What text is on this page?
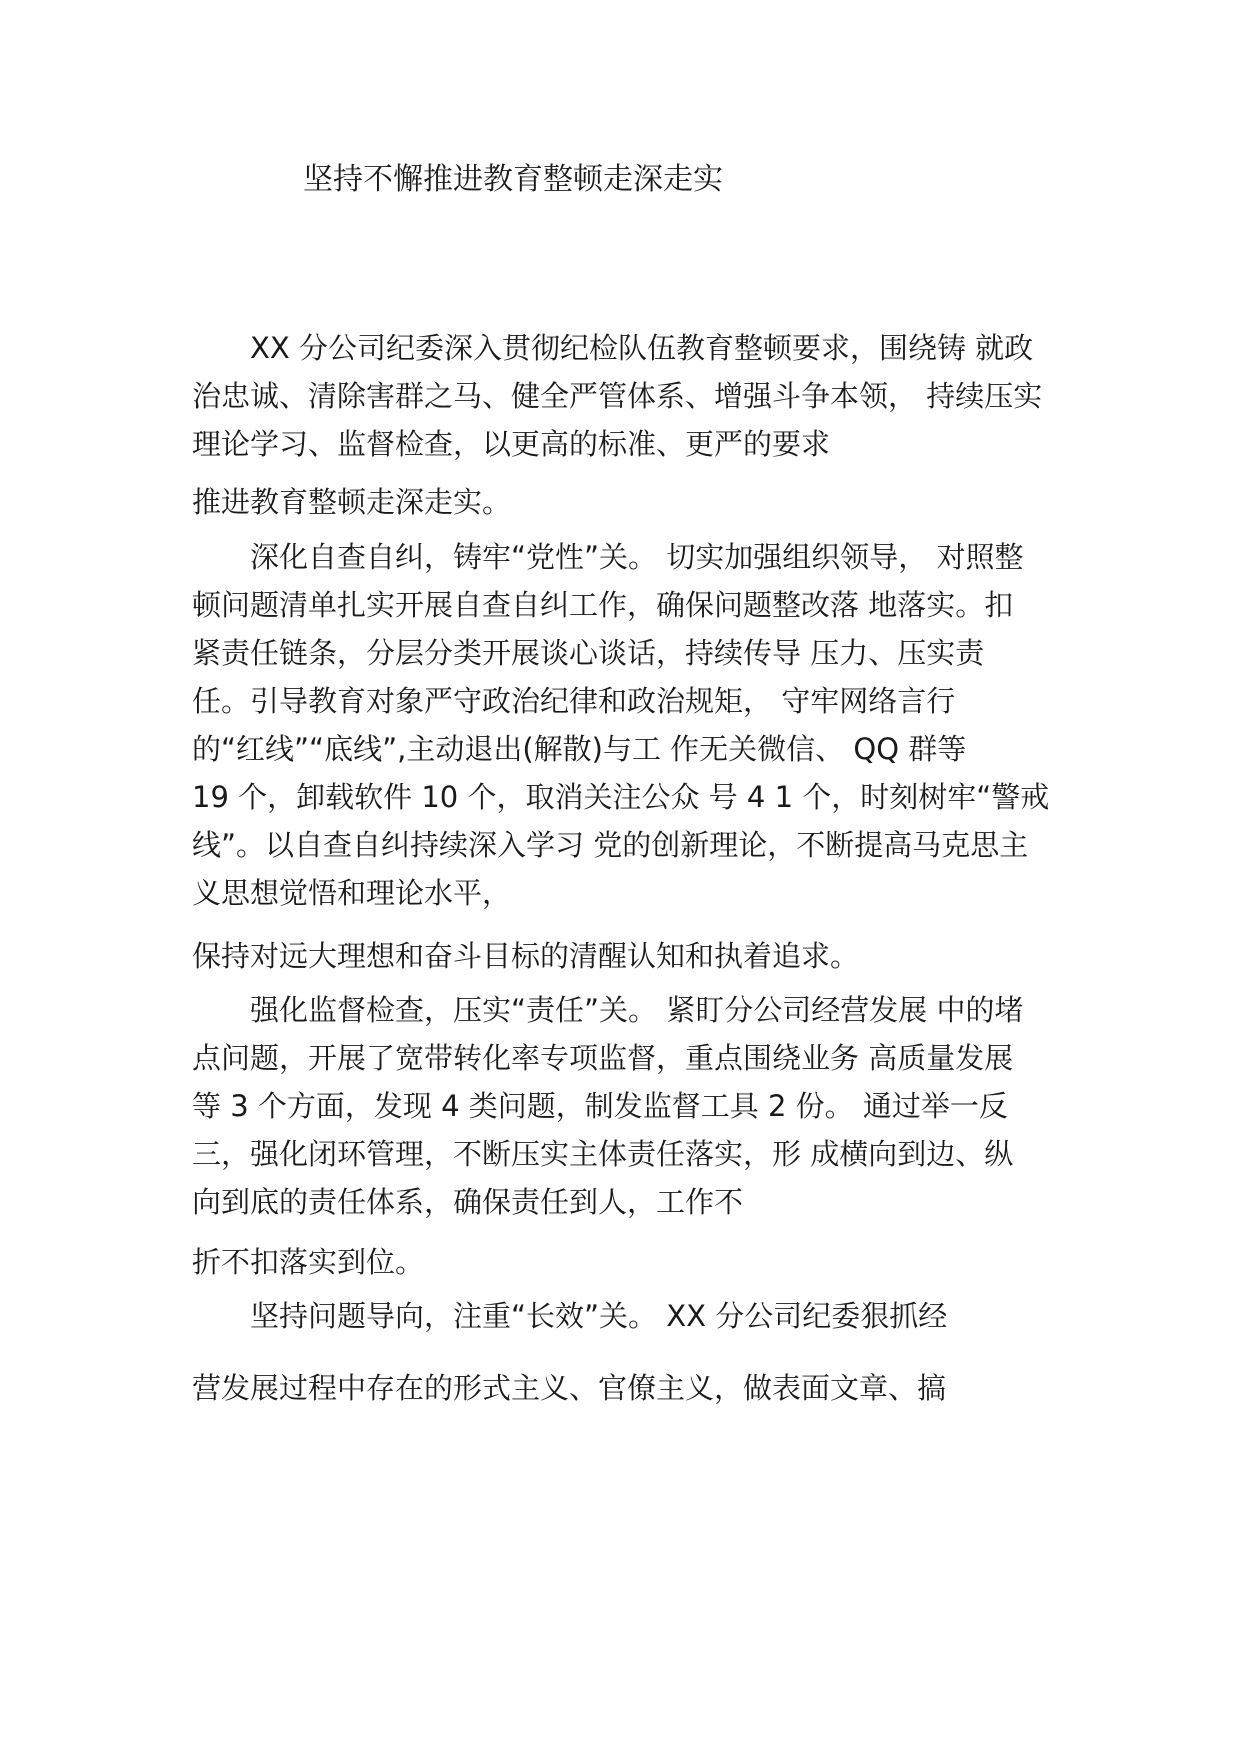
坚持不懈推进教育整顿走深走实
　　XX 分公司纪委深入贯彻纪检队伍教育整顿要求，围绕铸 就政
治忠诚、清除害群之马、健全严管体系、增强斗争本领， 持续压实
理论学习、监督检查，以更高的标准、更严的要求
推进教育整顿走深走实。
　　深化自查自纠，铸牢“党性”关。 切实加强组织领导， 对照整
顿问题清单扎实开展自查自纠工作，确保问题整改落 地落实。扣
紧责任链条，分层分类开展谈心谈话，持续传导 压力、压实责
任。引导教育对象严守政治纪律和政治规矩， 守牢网络言行
的“红线”“底线”,主动退出(解散)与工 作无关微信、 QQ 群等
19 个，卸载软件 10 个，取消关注公众 号 4 1 个，时刻树牢“警戒
线”。以自查自纠持续深入学习 党的创新理论，不断提高马克思主
义思想觉悟和理论水平，
保持对远大理想和奋斗目标的清醒认知和执着追求。
　　强化监督检查，压实“责任”关。 紧盯分公司经营发展 中的堵
点问题，开展了宽带转化率专项监督，重点围绕业务 高质量发展
等 3 个方面，发现 4 类问题，制发监督工具 2 份。 通过举一反
三，强化闭环管理，不断压实主体责任落实，形 成横向到边、纵
向到底的责任体系，确保责任到人，工作不
折不扣落实到位。
　　坚持问题导向，注重“长效”关。 XX 分公司纪委狠抓经
营发展过程中存在的形式主义、官僚主义，做表面文章、搞
